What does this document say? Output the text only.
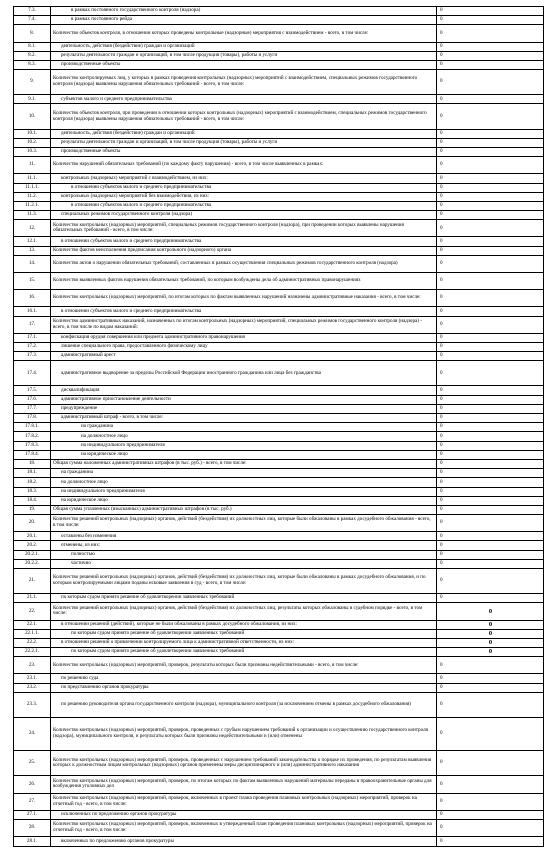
7.3.	в рамках постоянного государственного контроля (надзора)	0
7.4.	в рамках постоянного рейда	0
8.	Количество объектов контроля, в отношении которых проведены контрольные (надзорные) мероприятия с взаимодействием - всего, в том числе:	0
8.1.	деятельность, действия (бездействие) граждан и организаций	0
8.2.	результаты деятельности граждан и организаций, в том числе продукция (товары), работы и услуги	0
8.3.	производственные объекты	0
9.	Количество контролируемых лиц, у которых в рамках проведения контрольных (надзорных) мероприятий с взаимодействием, специальных режимов государственного контроля (надзора) выявлены нарушения обязательных требований - всего, в том числе:	0
9.1.	субъектов малого и среднего предпринимательства	0
10.	Количество объектов контроля, при проведении в отношении которых контрольных (надзорных) мероприятий с взаимодействием, специальных режимов государственного контроля (надзора) выявлены нарушения обязательных требований - всего, в том числе:	0
10.1.	деятельность, действия (бездействие) граждан и организаций	0
10.2.	результаты деятельности граждан и организаций, в том числе продукция (товары), работы и услуги	0
10.3.	производственные объекты	0
11.	Количество нарушений обязательных требований (по каждому факту нарушения) - всего, в том числе выявленных в рамках:	0
11.1.	контрольных (надзорных) мероприятий с взаимодействием, из них:	0
11.1.1.	в отношении субъектов малого и среднего предпринимательства	0
11.2.	контрольных (надзорных) мероприятий без взаимодействия, из них:	0
11.2.1.	в отношении субъектов малого и среднего предпринимательства	0
11.3.	специальных режимов государственного контроля (надзора)	0
12.	Количество контрольных (надзорных) мероприятий, специальных режимов государственного контроля (надзора), при проведении которых выявлены нарушения обязательных требований - всего, в том числе:	0
12.1.	в отношении субъектов малого и среднего предпринимательства	0
13.	Количество фактов неисполнения предписания контрольного (надзорного) органа	0
14.	Количество актов о нарушении обязательных требований, составленных в рамках осуществления специальных режимов государственного контроля (надзора)	0
15.	Количество выявленных фактов нарушения обязательных требований, по которым возбуждены дела об административных правонарушениях	0
16.	Количество контрольных (надзорных) мероприятий, по итогам которых по фактам выявленных нарушений назначены административные наказания - всего, в том числе:	0
16.1.	в отношении субъектов малого и среднего предпринимательства	0
17.	Количество административных наказаний, назначенных по итогам контрольных (надзорных) мероприятий, специальных режимов государственного контроля (надзора) - всего, в том числе по видам наказаний:	0
17.1.	конфискация орудия совершения или предмета административного правонарушения	0
17.2.	лишение специального права, предоставленного физическому лицу	0
17.3.	административный арест	0
17.4.	административное выдворение за пределы Российской Федерации иностранного гражданина или лица без гражданства	0
17.5.	дисквалификация	0
17.6.	административное приостановление деятельности	0
17.7.	предупреждение	0
17.8.	административный штраф - всего, в том числе:	0
17.8.1.	на гражданина	0
17.8.2.	на должностное лицо	0
17.8.3.	на индивидуального предпринимателя	0
17.8.4.	на юридическое лицо	0
18.	Общая сумма наложенных административных штрафов (в тыс. руб.) - всего, в том числе:	0
18.1.	на гражданина	0
18.2.	на должностное лицо	0
18.3.	на индивидуального предпринимателя	0
18.4.	на юридическое лицо	0
19.	Общая сумма уплаченных (взысканных) административных штрафов (в тыс. руб.)	0
20.	Количество решений контрольных (надзорных) органов, действий (бездействия) их должностных лиц, которые были обжалованы в рамках досудебного обжалования - всего, в том числе:	0
20.1.	оставлены без изменения	0
20.2.	отменены, из них:	0
20.2.1.	полностью	0
20.2.2.	частично	0
21.	Количество решений контрольных (надзорных) органов, действий (бездействия) их должностных лиц, которые были обжалованы в рамках досудебного обжалования, и по которым контролируемыми лицами поданы исковые заявления в суд - всего, в том числе:	0
21.1.	по которым судом принято решение об удовлетворении заявленных требований	0
22.	Количество решений контрольных (надзорных) органов, действий (бездействия) их должностных лиц, результаты которых обжалованы в судебном порядке - всего, в том числе:	0
22.1.	в отношении решений (действий), которые не были обжалованы в рамках досудебного обжалования, из них:	0
22.1.1.	по которым судом принято решение об удовлетворении заявленных требований	0
22.2.	в отношении решений о привлечении контролируемого лица к административной ответственности, из них:	0
22.2.1.	по которым судом принято решение об удовлетворении заявленных требований	0
23.	Количество контрольных (надзорных) мероприятий, проверок, результаты которых были признаны недействительными - всего, в том числе:	0
23.1.	по решению суда	0
23.2.	по представлению органов прокуратуры	0
23.3.	по решению руководителя органа государственного контроля (надзора), муниципального контроля (за исключением отмены в рамках досудебного обжалования)	0
24.	Количество контрольных (надзорных) мероприятий, проверок, проведенных с грубым нарушением требований к организации и осуществлению государственного контроля (надзора), муниципального контроля, и результаты которых были признаны недействительными и (или) отменены	0
25.	Количество контрольных (надзорных) мероприятий, проверок, проведенных с нарушением требований законодательства о порядке их проведения, по результатам выявления которых к должностным лицам контрольных (надзорных) органов применены меры дисциплинарного и (или) административного наказания	0
26.	Количество контрольных (надзорных) мероприятий, проверок, по итогам которых по фактам выявленных нарушений материалы переданы в правоохранительные органы для возбуждения уголовных дел	0
27.	Количество контрольных (надзорных) мероприятий, проверок, включенных в проект плана проведения плановых контрольных (надзорных) мероприятий, проверок на отчетный год - всего, в том числе:	0
27.1.	исключенных по предложению органов прокуратуры	0
28.	Количество контрольных (надзорных) мероприятий, проверок, включенных в утвержденный план проведения плановых контрольных (надзорных) мероприятий, проверок на отчетный год - всего, в том числе:	0
28.1.	включенных по предложению органов прокуратуры	0
